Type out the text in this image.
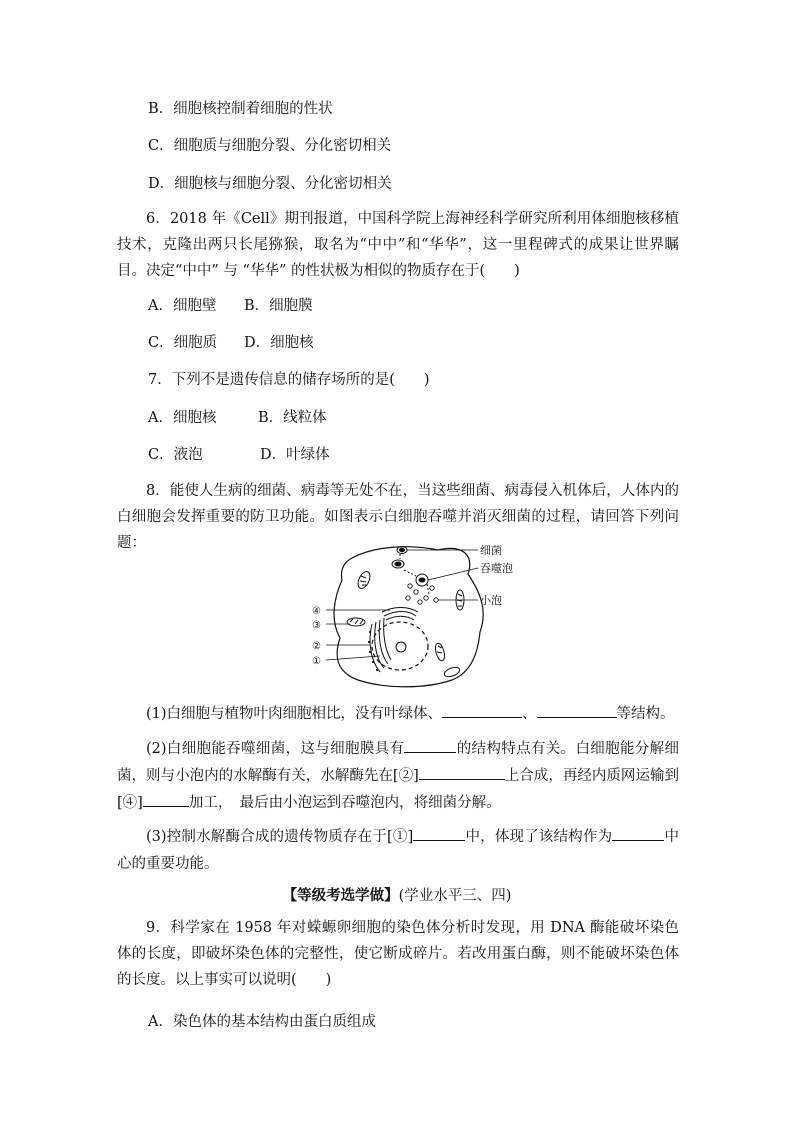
B．细胞核控制着细胞的性状
C．细胞质与细胞分裂、分化密切相关
D．细胞核与细胞分裂、分化密切相关
6．2018 年《Cell》期刊报道，中国科学院上海神经科学研究所利用体细胞核移植技术，克隆出两只长尾猕猴，取名为“中中”和“华华”，这一里程碑式的成果让世界瞩目。决定“中中” 与 “华华” 的性状极为相似的物质存在于(　　)
A．细胞壁 B．细胞膜
C．细胞质 D．细胞核
7．下列不是遗传信息的储存场所的是(　　)
A．细胞核	B．线粒体
C．液泡	D．叶绿体
8．能使人生病的细菌、病毒等无处不在，当这些细菌、病毒侵入机体后，人体内的白细胞会发挥重要的防卫功能。如图表示白细胞吞噬并消灭细菌的过程，请回答下列问题：	细菌
吞噬泡
小泡
④
③
②
①
(1)白细胞与植物叶肉细胞相比，没有叶绿体、	、	等结构。
(2)白细胞能吞噬细菌，这与细胞膜具有	的结构特点有关。白细胞能分解细菌，则与小泡内的水解酶有关，水解酶先在[②]	上合成，再经内质网运输到[④]	加工，　最后由小泡运到吞噬泡内，将细菌分解。
(3)控制水解酶合成的遗传物质存在于[①]	中，体现了该结构作为	中心的重要功能。
【等级考选学做】(学业水平三、四)
9．科学家在 1958 年对蝾螈卵细胞的染色体分析时发现，用 DNA 酶能破坏染色体的长度，即破坏染色体的完整性，使它断成碎片。若改用蛋白酶，则不能破坏染色体的长度。以上事实可以说明(　　)
A．染色体的基本结构由蛋白质组成
